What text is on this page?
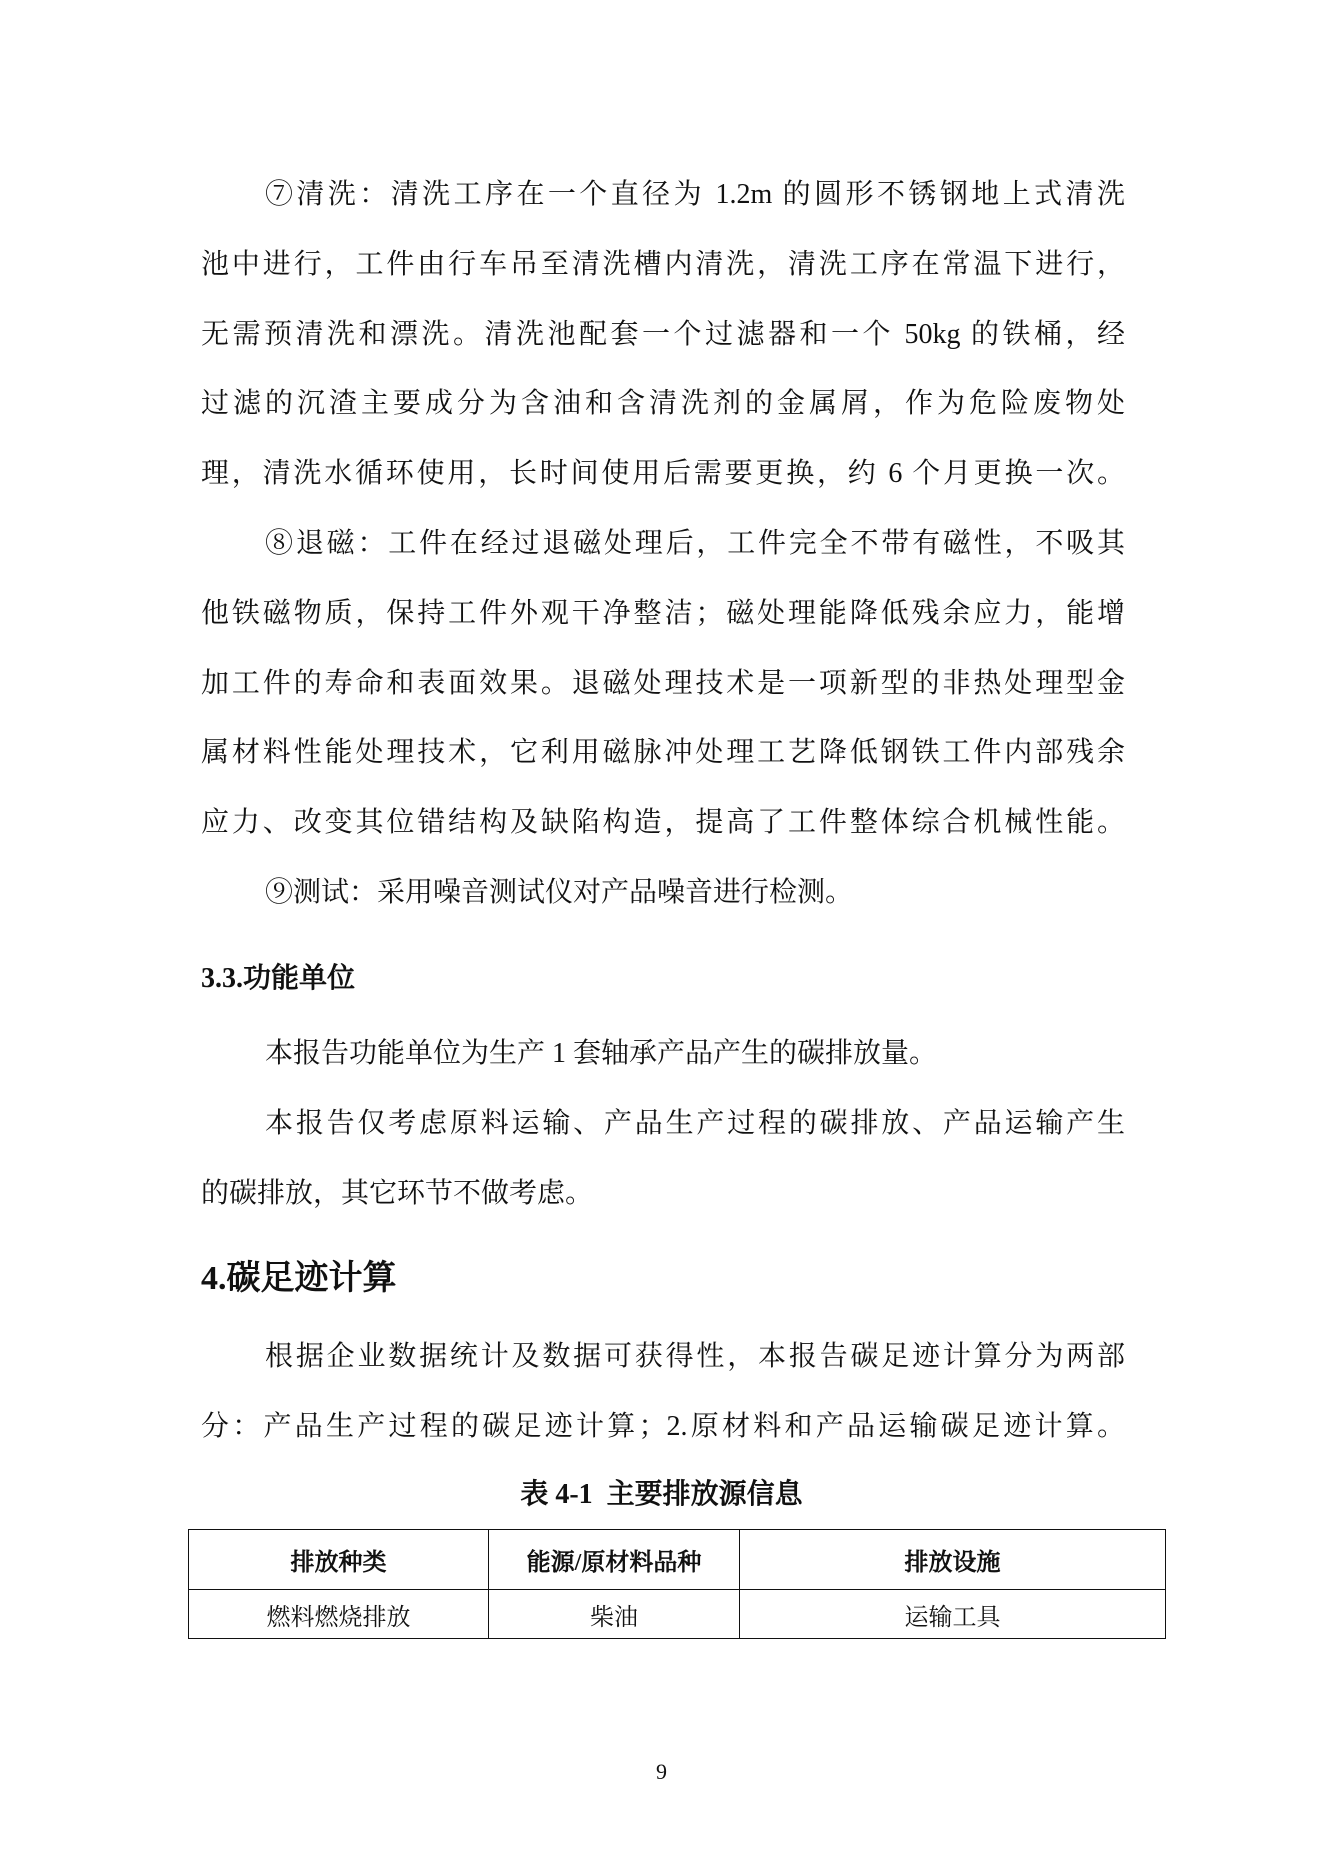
⑦清洗：清洗工序在一个直径为 1.2m 的圆形不锈钢地上式清洗
池中进行，工件由行车吊至清洗槽内清洗，清洗工序在常温下进行，
无需预清洗和漂洗。清洗池配套一个过滤器和一个 50kg 的铁桶，经
过滤的沉渣主要成分为含油和含清洗剂的金属屑，作为危险废物处
理，清洗水循环使用，长时间使用后需要更换，约 6 个月更换一次。
⑧退磁：工件在经过退磁处理后，工件完全不带有磁性，不吸其
他铁磁物质，保持工件外观干净整洁；磁处理能降低残余应力，能增
加工件的寿命和表面效果。退磁处理技术是一项新型的非热处理型金
属材料性能处理技术，它利用磁脉冲处理工艺降低钢铁工件内部残余
应力、改变其位错结构及缺陷构造，提高了工件整体综合机械性能。
⑨测试：采用噪音测试仪对产品噪音进行检测。
3.3.功能单位
本报告功能单位为生产 1 套轴承产品产生的碳排放量。
本报告仅考虑原料运输、产品生产过程的碳排放、产品运输产生
的碳排放，其它环节不做考虑。
4.碳足迹计算
根据企业数据统计及数据可获得性，本报告碳足迹计算分为两部
分：产品生产过程的碳足迹计算；2.原材料和产品运输碳足迹计算。
表 4-1  主要排放源信息
排放种类	能源/原材料品种	排放设施
燃料燃烧排放	柴油	运输工具
9
